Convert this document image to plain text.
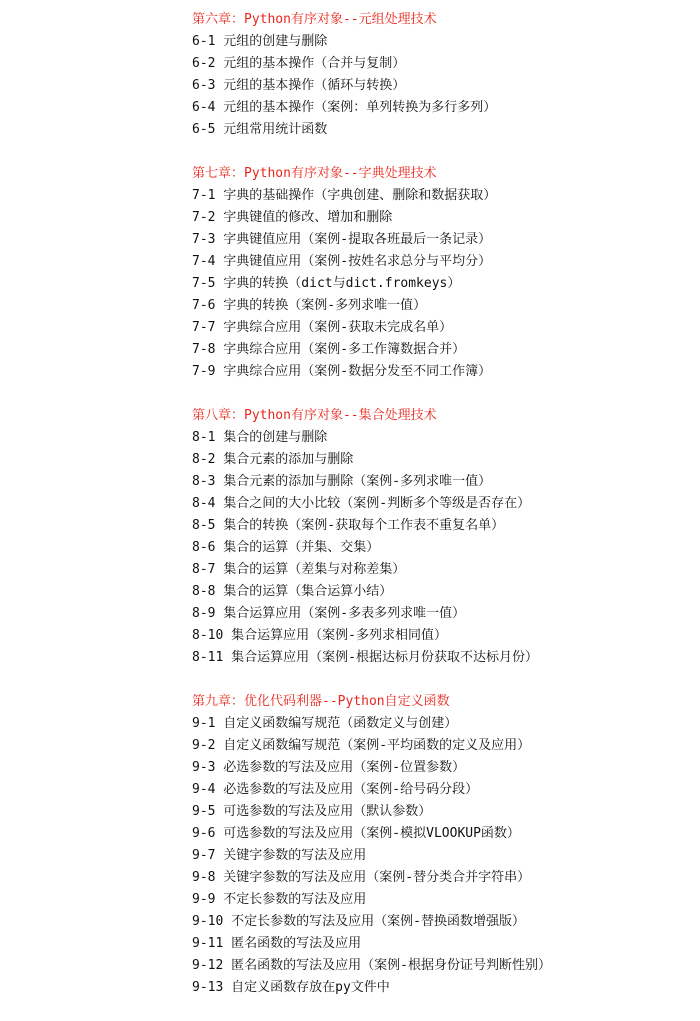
第六章：Python有序对象--元组处理技术
6-1 元组的创建与删除
6-2 元组的基本操作（合并与复制）
6-3 元组的基本操作（循环与转换）
6-4 元组的基本操作（案例：单列转换为多行多列）
6-5 元组常用统计函数
第七章：Python有序对象--字典处理技术
7-1 字典的基础操作（字典创建、删除和数据获取）
7-2 字典键值的修改、增加和删除
7-3 字典键值应用（案例-提取各班最后一条记录）
7-4 字典键值应用（案例-按姓名求总分与平均分）
7-5 字典的转换（dict与dict.fromkeys）
7-6 字典的转换（案例-多列求唯一值）
7-7 字典综合应用（案例-获取未完成名单）
7-8 字典综合应用（案例-多工作簿数据合并）
7-9 字典综合应用（案例-数据分发至不同工作簿）
第八章：Python有序对象--集合处理技术
8-1 集合的创建与删除
8-2 集合元素的添加与删除
8-3 集合元素的添加与删除（案例-多列求唯一值）
8-4 集合之间的大小比较（案例-判断多个等级是否存在）
8-5 集合的转换（案例-获取每个工作表不重复名单）
8-6 集合的运算（并集、交集）
8-7 集合的运算（差集与对称差集）
8-8 集合的运算（集合运算小结）
8-9 集合运算应用（案例-多表多列求唯一值）
8-10 集合运算应用（案例-多列求相同值）
8-11 集合运算应用（案例-根据达标月份获取不达标月份）
第九章：优化代码利器--Python自定义函数
9-1 自定义函数编写规范（函数定义与创建）
9-2 自定义函数编写规范（案例-平均函数的定义及应用）
9-3 必选参数的写法及应用（案例-位置参数）
9-4 必选参数的写法及应用（案例-给号码分段）
9-5 可选参数的写法及应用（默认参数）
9-6 可选参数的写法及应用（案例-模拟VLOOKUP函数）
9-7 关键字参数的写法及应用
9-8 关键字参数的写法及应用（案例-替分类合并字符串）
9-9 不定长参数的写法及应用
9-10 不定长参数的写法及应用（案例-替换函数增强版）
9-11 匿名函数的写法及应用
9-12 匿名函数的写法及应用（案例-根据身份证号判断性别）
9-13 自定义函数存放在py文件中
